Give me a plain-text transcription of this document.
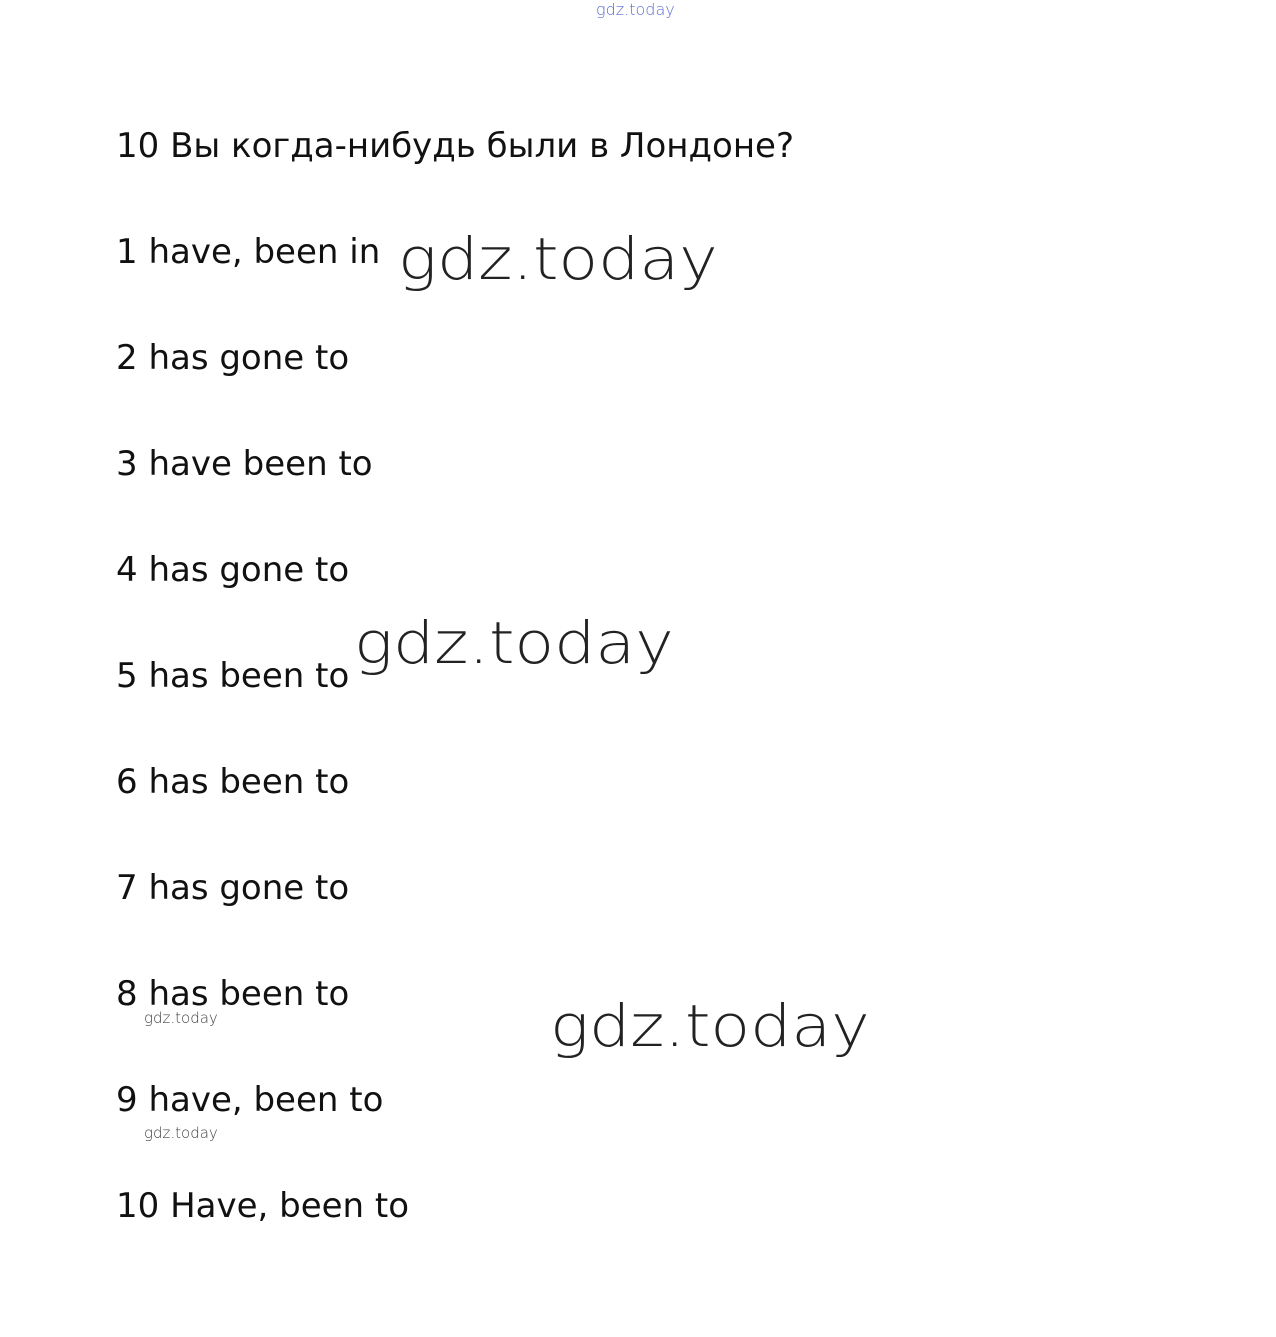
gdz.today
10 Вы когда-нибудь были в Лондоне?
1 have, been in
2 has gone to
3 have been to
4 has gone to
5 has been to
6 has been to
7 has gone to
8 has been to
9 have, been to
10 Have, been to
gdz.today
gdz.today
gdz.today
gdz.today
gdz.today
